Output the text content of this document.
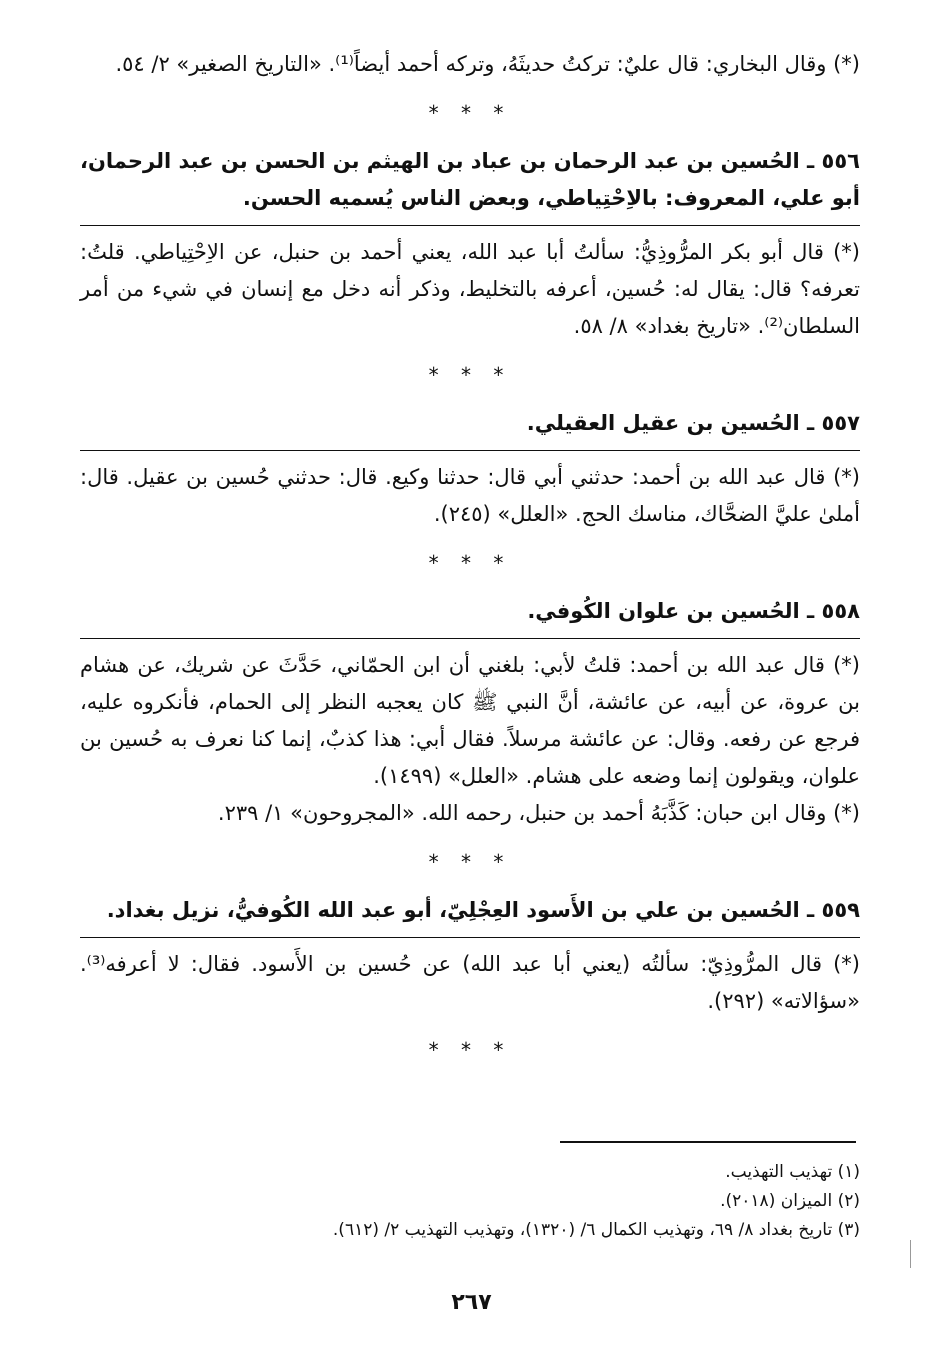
(*) وقال البخاري: قال عليٌ: تركتُ حديثَهُ، وتركه أحمد أيضاً⁽¹⁾. «التاريخ الصغير» ٢/ ٥٤.

* * *

٥٥٦ ـ الحُسين بن عبد الرحمان بن عباد بن الهيثم بن الحسن بن عبد الرحمان، أبو علي، المعروف: بالاِحْتِياطي، وبعض الناس يُسميه الحسن.

(*) قال أبو بكر المرُّوذِيُّ: سألتُ أبا عبد الله، يعني أحمد بن حنبل، عن الاِحْتِياطي. قلتُ: تعرفه؟ قال: يقال له: حُسين، أعرفه بالتخليط، وذكر أنه دخل مع إنسان في شيء من أمر السلطان⁽²⁾. «تاريخ بغداد» ٨/ ٥٨.

* * *

٥٥٧ ـ الحُسين بن عقيل العقيلي.

(*) قال عبد الله بن أحمد: حدثني أبي قال: حدثنا وكيع. قال: حدثني حُسين بن عقيل. قال: أملىٰ عليَّ الضحَّاك، مناسك الحج. «العلل» (٢٤٥).

* * *

٥٥٨ ـ الحُسين بن علوان الكُوفي.

(*) قال عبد الله بن أحمد: قلتُ لأبي: بلغني أن ابن الحمّاني، حَدَّثَ عن شريك، عن هشام بن عروة، عن أبيه، عن عائشة، أنَّ النبي ﷺ كان يعجبه النظر إلى الحمام، فأنكروه عليه، فرجع عن رفعه. وقال: عن عائشة مرسلاً. فقال أبي: هذا كذبٌ، إنما كنا نعرف به حُسين بن علوان، ويقولون إنما وضعه على هشام. «العلل» (١٤٩٩).

(*) وقال ابن حبان: كَذَّبَهُ أحمد بن حنبل، رحمه الله. «المجروحون» ١/ ٢٣٩.

* * *

٥٥٩ ـ الحُسين بن علي بن الأَسود العِجْلِيّ، أبو عبد الله الكُوفيُّ، نزيل بغداد.

(*) قال المرُّوذِيّ: سألتُه (يعني أبا عبد الله) عن حُسين بن الأَسود. فقال: لا أعرفه⁽³⁾. «سؤالاته» (٢٩٢).

* * *

(١) تهذيب التهذيب.

(٢) الميزان (٢٠١٨).

(٣) تاريخ بغداد ٨/ ٦٩، وتهذيب الكمال ٦/ (١٣٢٠)، وتهذيب التهذيب ٢/ (٦١٢).

٢٦٧
